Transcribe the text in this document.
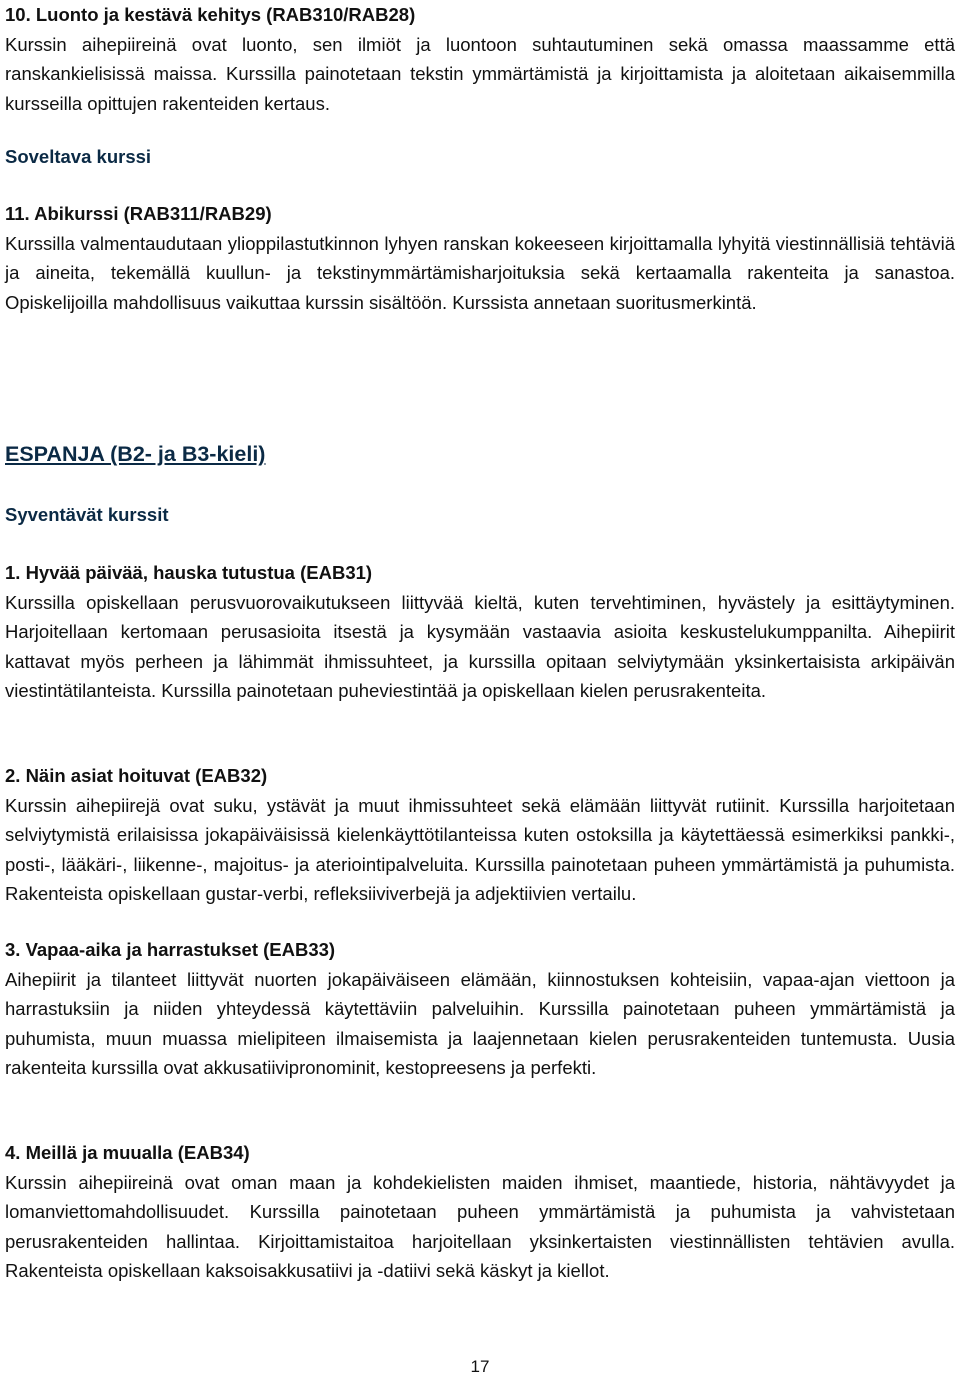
10. Luonto ja kestävä kehitys (RAB310/RAB28)

Kurssin aihepiireinä ovat luonto, sen ilmiöt ja luontoon suhtautuminen sekä omassa maassamme että ranskankielisissä maissa. Kurssilla painotetaan tekstin ymmärtämistä ja kirjoittamista ja aloitetaan aikaisemmilla kursseilla opittujen rakenteiden kertaus.

Soveltava kurssi

11. Abikurssi (RAB311/RAB29)

Kurssilla valmentaudutaan ylioppilastutkinnon lyhyen ranskan kokeeseen kirjoittamalla lyhyitä viestinnällisiä tehtäviä ja aineita, tekemällä kuullun- ja tekstinymmärtämisharjoituksia sekä kertaamalla rakenteita ja sanastoa. Opiskelijoilla mahdollisuus vaikuttaa kurssin sisältöön. Kurssista annetaan suoritusmerkintä.

ESPANJA (B2- ja B3-kieli)

Syventävät kurssit

1. Hyvää päivää, hauska tutustua (EAB31)

Kurssilla opiskellaan perusvuorovaikutukseen liittyvää kieltä, kuten tervehtiminen, hyvästely ja esittäytyminen. Harjoitellaan kertomaan perusasioita itsestä ja kysymään vastaavia asioita keskustelukumppanilta. Aihepiirit kattavat myös perheen ja lähimmät ihmissuhteet, ja kurssilla opitaan selviytymään yksinkertaisista arkipäivän viestintätilanteista. Kurssilla painotetaan puheviestintää ja opiskellaan kielen perusrakenteita.

2. Näin asiat hoituvat (EAB32)

Kurssin aihepiirejä ovat suku, ystävät ja muut ihmissuhteet sekä elämään liittyvät rutiinit. Kurssilla harjoitetaan selviytymistä erilaisissa jokapäiväisissä kielenkäyttötilanteissa kuten ostoksilla ja käytettäessä esimerkiksi pankki-, posti-, lääkäri-, liikenne-, majoitus- ja ateriointipalveluita. Kurssilla painotetaan puheen ymmärtämistä ja puhumista. Rakenteista opiskellaan gustar-verbi, refleksiiviverbejä ja adjektiivien vertailu.

3. Vapaa-aika ja harrastukset (EAB33)

Aihepiirit ja tilanteet liittyvät nuorten jokapäiväiseen elämään, kiinnostuksen kohteisiin, vapaa-ajan viettoon ja harrastuksiin ja niiden yhteydessä käytettäviin palveluihin. Kurssilla painotetaan puheen ymmärtämistä ja puhumista, muun muassa mielipiteen ilmaisemista ja laajennetaan kielen perusrakenteiden tuntemusta. Uusia rakenteita kurssilla ovat akkusatiivipronominit, kestopreesens ja perfekti.

4. Meillä ja muualla (EAB34)

Kurssin aihepiireinä ovat oman maan ja kohdekielisten maiden ihmiset, maantiede, historia, nähtävyydet ja lomanviettomahdollisuudet. Kurssilla painotetaan puheen ymmärtämistä ja puhumista ja vahvistetaan perusrakenteiden hallintaa. Kirjoittamistaitoa harjoitellaan yksinkertaisten viestinnällisten tehtävien avulla. Rakenteista opiskellaan kaksoisakkusatiivi ja -datiivi sekä käskyt ja kiellot.

17
